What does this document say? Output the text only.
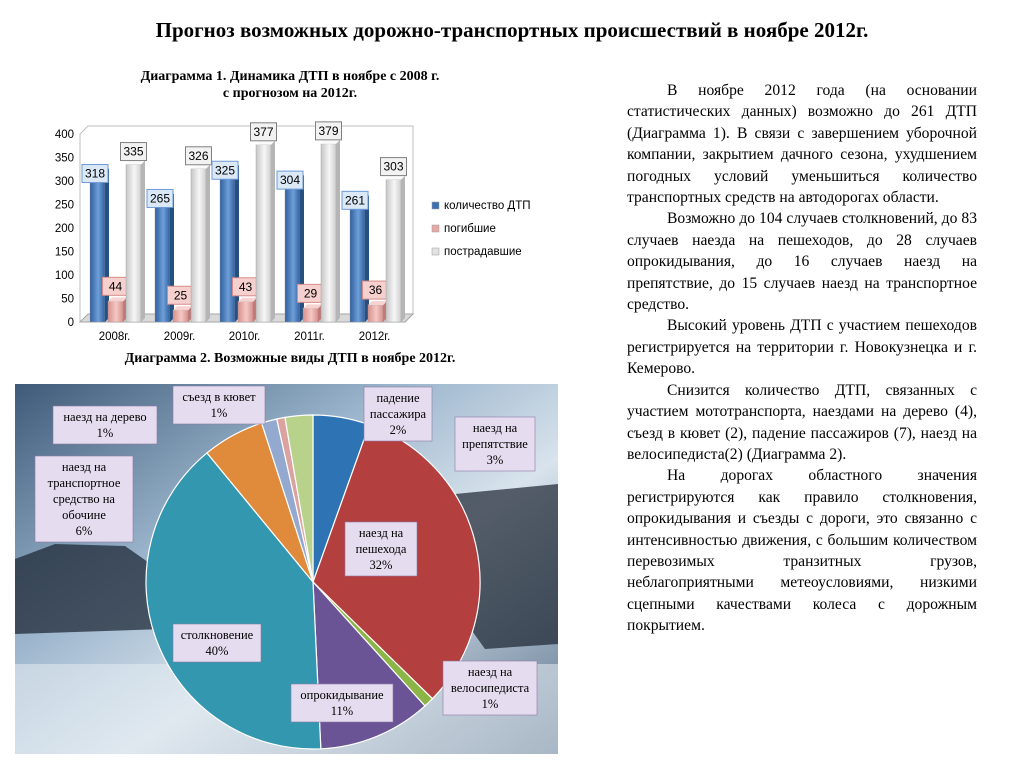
Прогноз возможных дорожно-транспортных происшествий в ноябре 2012г.
Диаграмма 1. Динамика ДТП в ноябре с 2008 г.
с прогнозом на 2012г.
0
50
100
150
200
250
300
350
400
318
44
335
2008г.
265
25
326
2009г.
325
43
377
2010г.
304
29
379
2011г.
261
36
303
2012г.
количество ДТП
погибшие
пострадавшие
Диаграмма 2. Возможные виды ДТП в ноябре 2012г.
съезд в кювет 1%
падение пассажира 2%
наезд на дерево 1%	наезд на препятствие 3%
наезд на транспортное средство на обочине 6%	наезд на пешехода 32%
столкновение 40%
опрокидывание 11%
наезд на велосипедиста 1%

В ноябре 2012 года (на основании статистических данных) возможно до 261 ДТП (Диаграмма 1). В связи с завершением уборочной компании, закрытием дачного сезона, ухудшением погодных условий уменьшиться количество транспортных средств на автодорогах области.

Возможно до 104 случаев столкновений, до 83 случаев наезда на пешеходов, до 28 случаев опрокидывания, до 16 случаев наезд на препятствие, до 15 случаев наезд на транспортное средство.

Высокий уровень ДТП с участием пешеходов регистрируется на территории г. Новокузнецка и г. Кемерово.

Снизится количество ДТП, связанных с участием мототранспорта, наездами на дерево (4), съезд в кювет (2), падение пассажиров (7), наезд на велосипедиста(2) (Диаграмма 2).

На дорогах областного значения регистрируются как правило столкновения, опрокидывания и съезды с дороги, это связанно с интенсивностью движения, с большим количеством перевозимых транзитных грузов, неблагоприятными метеоусловиями, низкими сцепными качествами колеса с дорожным покрытием.
